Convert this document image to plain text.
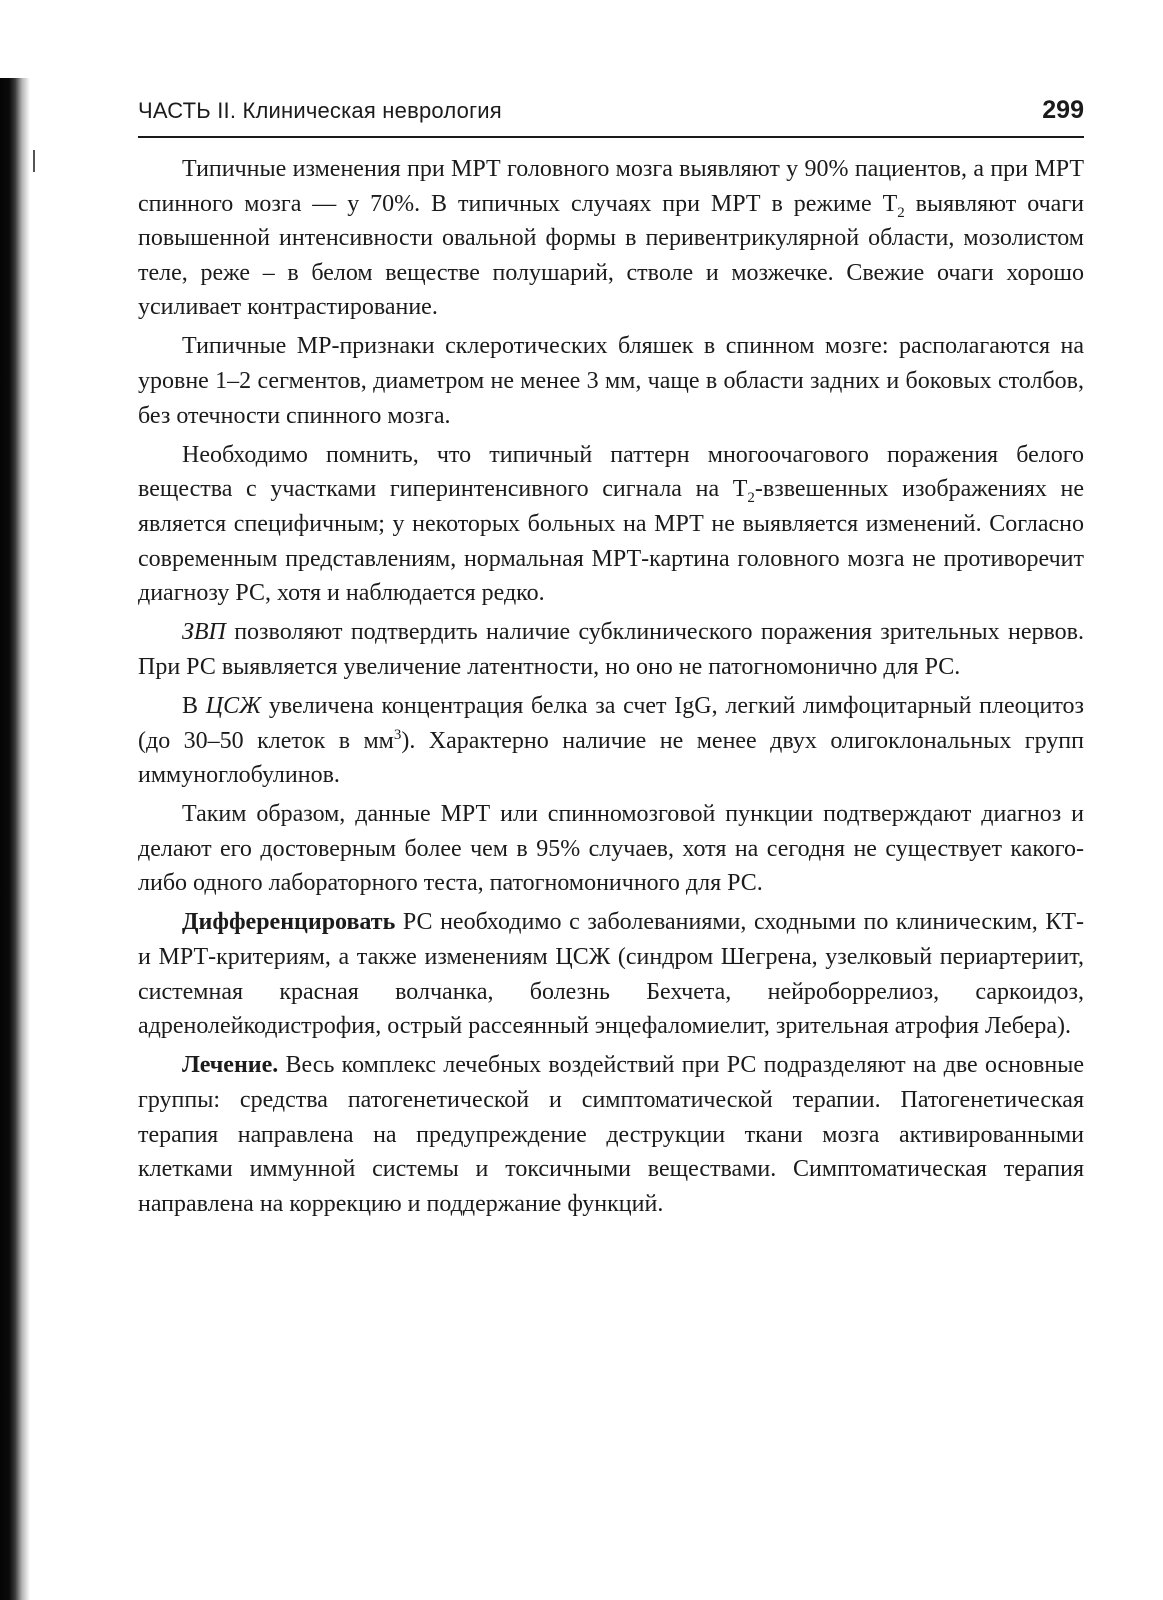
ЧАСТЬ II. Клиническая неврология	299

Типичные изменения при МРТ головного мозга выявляют у 90% пациентов, а при МРТ спинного мозга — у 70%. В типичных случаях при МРТ в режиме $Т_2$ выявляют очаги повышенной интенсивности овальной формы в перивентрикулярной области, мозолистом теле, реже – в белом веществе полушарий, стволе и мозжечке. Свежие очаги хорошо усиливает контрастирование.

Типичные МР-признаки склеротических бляшек в спинном мозге: располагаются на уровне 1–2 сегментов, диаметром не менее 3 мм, чаще в области задних и боковых столбов, без отечности спинного мозга.

Необходимо помнить, что типичный паттерн многоочагового поражения белого вещества с участками гиперинтенсивного сигнала на $Т_2$-взвешенных изображениях не является специфичным; у некоторых больных на МРТ не выявляется изменений. Согласно современным представлениям, нормальная МРТ-картина головного мозга не противоречит диагнозу РС, хотя и наблюдается редко.

ЗВП позволяют подтвердить наличие субклинического поражения зрительных нервов. При РС выявляется увеличение латентности, но оно не патогномонично для РС.

В ЦСЖ увеличена концентрация белка за счет IgG, легкий лимфоцитарный плеоцитоз (до 30–50 клеток в $мм^3$). Характерно наличие не менее двух олигоклональных групп иммуноглобулинов.

Таким образом, данные МРТ или спинномозговой пункции подтверждают диагноз и делают его достоверным более чем в 95% случаев, хотя на сегодня не существует какого-либо одного лабораторного теста, патогномоничного для РС.

Дифференцировать РС необходимо с заболеваниями, сходными по клиническим, КТ- и МРТ-критериям, а также изменениям ЦСЖ (синдром Шегрена, узелковый периартериит, системная красная волчанка, болезнь Бехчета, нейроборрелиоз, саркоидоз, адренолейкодистрофия, острый рассеянный энцефаломиелит, зрительная атрофия Лебера).

Лечение. Весь комплекс лечебных воздействий при РС подразделяют на две основные группы: средства патогенетической и симптоматической терапии. Патогенетическая терапия направлена на предупреждение деструкции ткани мозга активированными клетками иммунной системы и токсичными веществами. Симптоматическая терапия направлена на коррекцию и поддержание функций.
